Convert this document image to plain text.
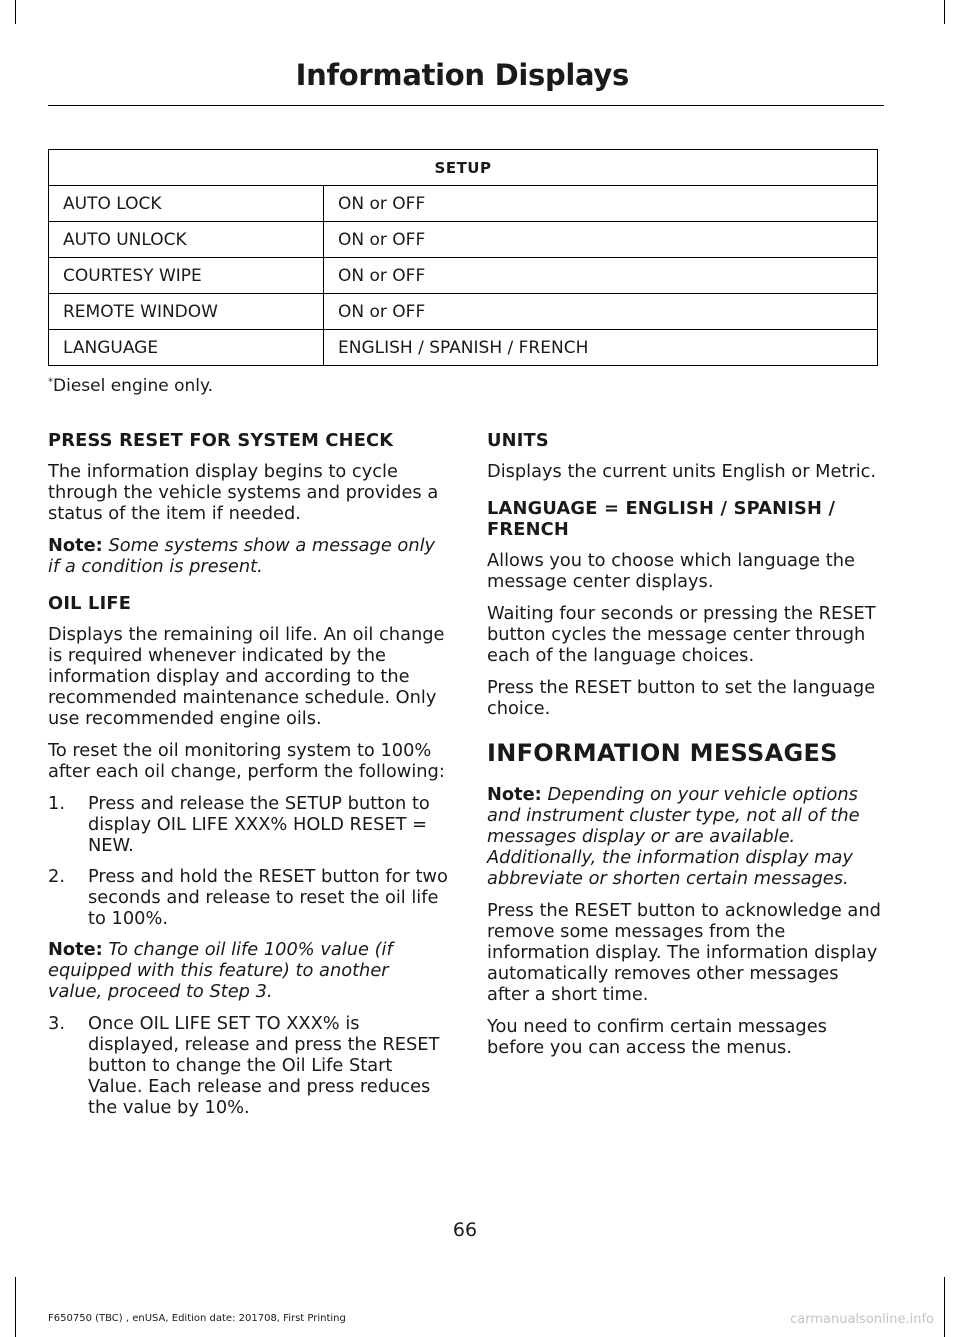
Information Displays
SETUP	
AUTO LOCK	ON or OFF
AUTO UNLOCK	ON or OFF
COURTESY WIPE	ON or OFF
REMOTE WINDOW	ON or OFF
LANGUAGE	ENGLISH / SPANISH / FRENCH
*Diesel engine only.
PRESS RESET FOR SYSTEM CHECK

The information display begins to cycle through the vehicle systems and provides a status of the item if needed.

Note: Some systems show a message only if a condition is present.

OIL LIFE

Displays the remaining oil life. An oil change is required whenever indicated by the information display and according to the recommended maintenance schedule. Only use recommended engine oils.

To reset the oil monitoring system to 100% after each oil change, perform the following:

1. Press and release the SETUP button to display OIL LIFE XXX% HOLD RESET = NEW.
2. Press and hold the RESET button for two seconds and release to reset the oil life to 100%.

Note: To change oil life 100% value (if equipped with this feature) to another value, proceed to Step 3.

3. Once OIL LIFE SET TO XXX% is displayed, release and press the RESET button to change the Oil Life Start Value. Each release and press reduces the value by 10%.
UNITS

Displays the current units English or Metric.

LANGUAGE = ENGLISH / SPANISH / FRENCH

Allows you to choose which language the message center displays.

Waiting four seconds or pressing the RESET button cycles the message center through each of the language choices.

Press the RESET button to set the language choice.

INFORMATION MESSAGES

Note: Depending on your vehicle options and instrument cluster type, not all of the messages display or are available. Additionally, the information display may abbreviate or shorten certain messages.

Press the RESET button to acknowledge and remove some messages from the information display. The information display automatically removes other messages after a short time.

You need to confirm certain messages before you can access the menus.

66
F650750 (TBC) , enUSA, Edition date: 201708, First Printing	carmanualsonline.info
